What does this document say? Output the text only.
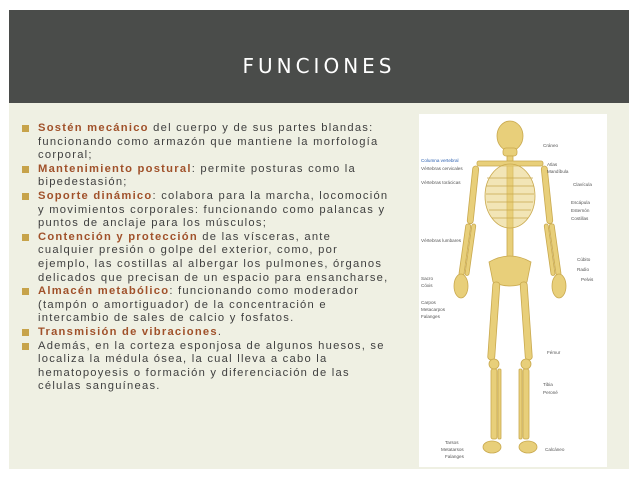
FUNCIONES
Sostén mecánico del cuerpo y de sus partes blandas: funcionando como armazón que mantiene la morfología corporal;
Mantenimiento postural: permite posturas como la bipedestasión;
Soporte dinámico: colabora para la marcha, locomoción y movimientos corporales: funcionando como palancas y puntos de anclaje para los músculos;
Contención y protección de las vísceras, ante cualquier presión o golpe del exterior, como, por ejemplo, las costillas al albergar los pulmones, órganos delicados que precisan de un espacio para ensancharse,
Almacén metabólico: funcionando como moderador (tampón o amortiguador) de la concentración e intercambio de sales de calcio y fosfatos.
Transmisión de vibraciones.
Además, en la corteza esponjosa de algunos huesos, se localiza la médula ósea, la cual lleva a cabo la hematopoyesis o formación y diferenciación de las células sanguíneas.
Columna vertebral
Vértebras cervicales
Vértebras torácicas
Vértebras lumbares
Sacro
Cóxis
Carpos
Metacarpos
Falanges
Tarsos
Metatarsos
Falanges
Cráneo
Atlas
Mandíbula
Clavícula
Escápula
Esternón
Costillas
Cúbito
Radio
Pelvis
Fémur
Tibia
Peroné
Calcáneo
